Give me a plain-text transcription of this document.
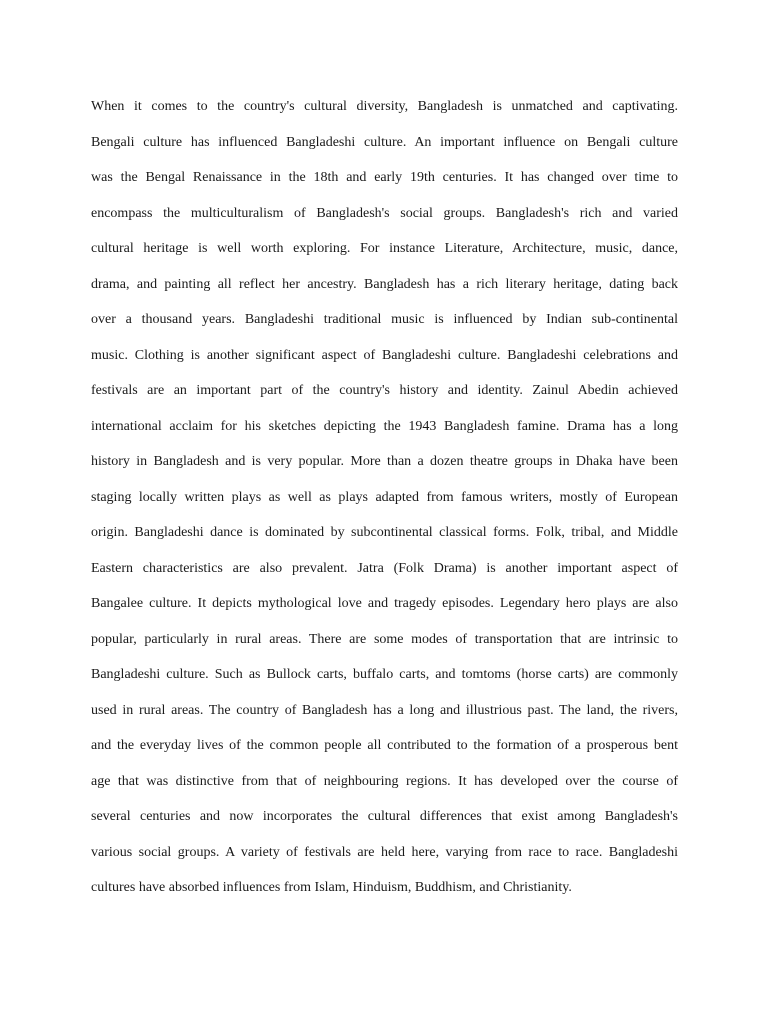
When it comes to the country's cultural diversity, Bangladesh is unmatched and captivating.
Bengali culture has influenced Bangladeshi culture. An important influence on Bengali culture
was the Bengal Renaissance in the 18th and early 19th centuries. It has changed over time to
encompass the multiculturalism of Bangladesh's social groups. Bangladesh's rich and varied
cultural heritage is well worth exploring. For instance Literature, Architecture, music, dance,
drama, and painting all reflect her ancestry. Bangladesh has a rich literary heritage, dating back
over a thousand years. Bangladeshi traditional music is influenced by Indian sub-continental
music. Clothing is another significant aspect of Bangladeshi culture. Bangladeshi celebrations and
festivals are an important part of the country's history and identity. Zainul Abedin achieved
international acclaim for his sketches depicting the 1943 Bangladesh famine. Drama has a long
history in Bangladesh and is very popular. More than a dozen theatre groups in Dhaka have been
staging locally written plays as well as plays adapted from famous writers, mostly of European
origin. Bangladeshi dance is dominated by subcontinental classical forms. Folk, tribal, and Middle
Eastern characteristics are also prevalent. Jatra (Folk Drama) is another important aspect of
Bangalee culture. It depicts mythological love and tragedy episodes. Legendary hero plays are also
popular, particularly in rural areas. There are some modes of transportation that are intrinsic to
Bangladeshi culture. Such as Bullock carts, buffalo carts, and tomtoms (horse carts) are commonly
used in rural areas. The country of Bangladesh has a long and illustrious past. The land, the rivers,
and the everyday lives of the common people all contributed to the formation of a prosperous bent
age that was distinctive from that of neighbouring regions. It has developed over the course of
several centuries and now incorporates the cultural differences that exist among Bangladesh's
various social groups. A variety of festivals are held here, varying from race to race. Bangladeshi
cultures have absorbed influences from Islam, Hinduism, Buddhism, and Christianity.
